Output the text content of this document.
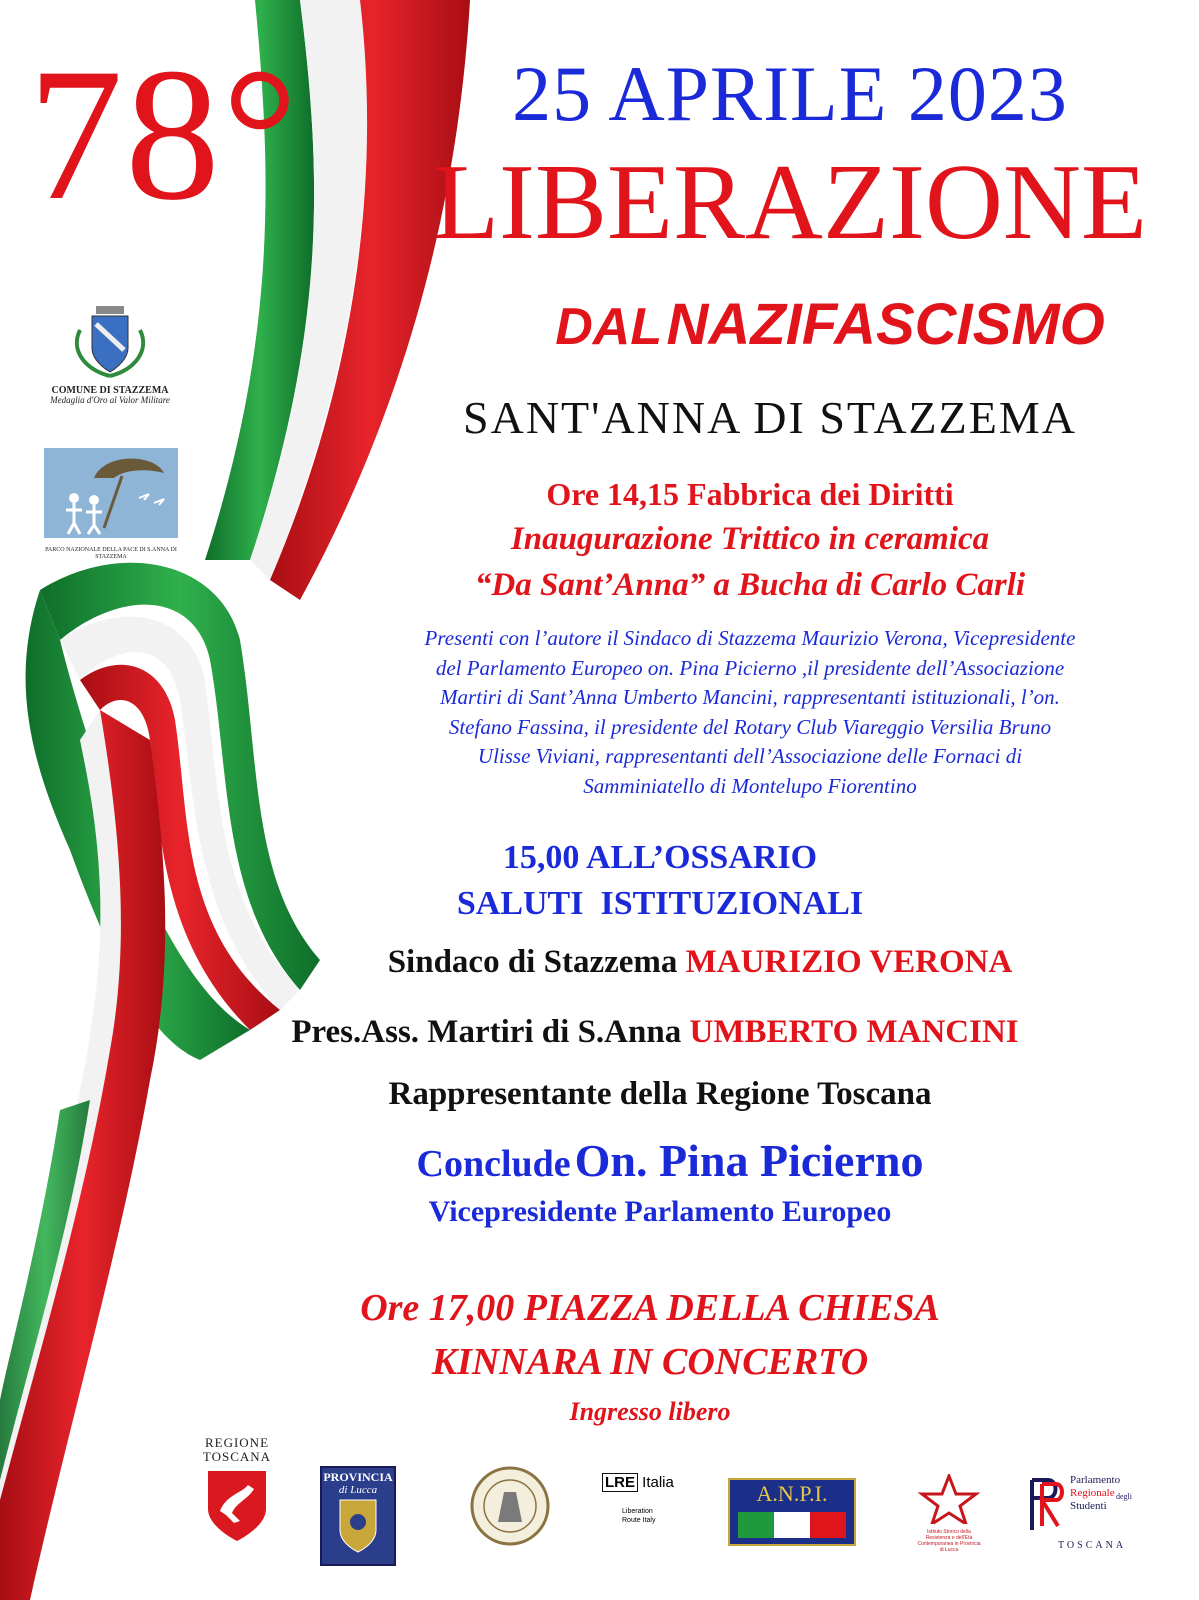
78°	25 APRILE 2023
LIBERAZIONE
DAL NAZIFASCISMO
SANT'ANNA DI STAZZEMA
COMUNE DI STAZZEMA
Medaglia d'Oro al Valor Militare
PARCO NAZIONALE DELLA PACE DI S.ANNA DI STAZZEMA
Ore 14,15 Fabbrica dei Diritti
Inaugurazione Trittico in ceramica
“Da Sant’Anna” a Bucha di Carlo Carli
Presenti con l’autore il Sindaco di Stazzema Maurizio Verona, Vicepresidente
del Parlamento Europeo on. Pina Picierno ,il presidente dell’Associazione
Martiri di Sant’Anna Umberto Mancini, rappresentanti istituzionali, l’on.
Stefano Fassina, il presidente del Rotary Club Viareggio Versilia Bruno
Ulisse Viviani, rappresentanti dell’Associazione delle Fornaci di
Samminiatello di Montelupo Fiorentino
15,00 ALL’OSSARIO
SALUTI  ISTITUZIONALI
Sindaco di Stazzema MAURIZIO VERONA
Pres.Ass. Martiri di S.Anna UMBERTO MANCINI
Rappresentante della Regione Toscana
Conclude On. Pina Picierno
Vicepresidente Parlamento Europeo
Ore 17,00 PIAZZA DELLA CHIESA
KINNARA IN CONCERTO
Ingresso libero
REGIONE
TOSCANA
PROVINCIA
di Lucca	LRE Italia
Liberation Route Italy
A.N.P.I.
Istituto Storico della Resistenza e dell'Età Contemporanea in Provincia di Lucca
Parlamento
Regionale degli
Studenti
TOSCANA
